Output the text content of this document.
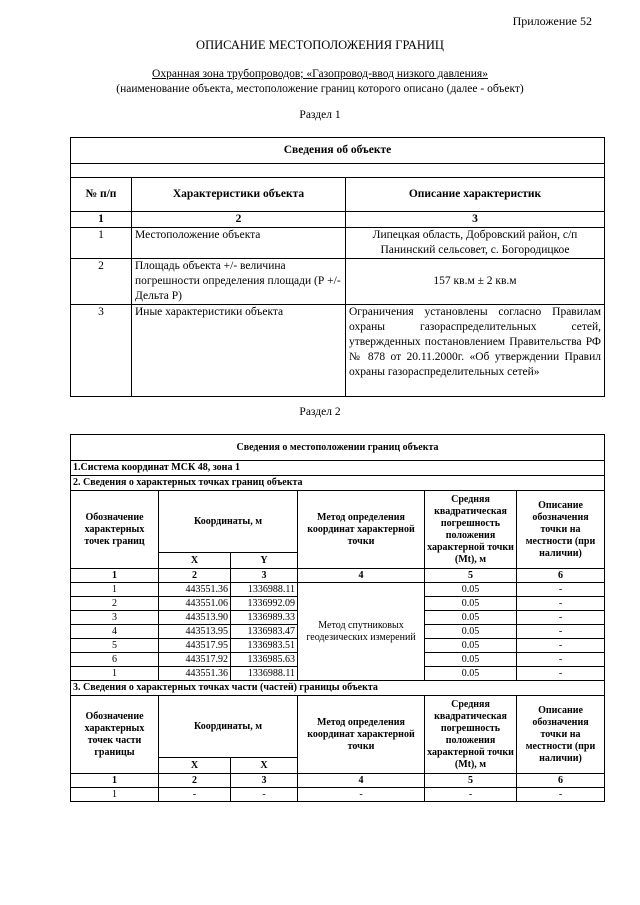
Приложение 52
ОПИСАНИЕ МЕСТОПОЛОЖЕНИЯ ГРАНИЦ
Охранная зона трубопроводов; «Газопровод-ввод низкого давления»
(наименование объекта, местоположение границ которого описано (далее - объект)
Раздел 1
Сведения об объекте		

№ п/п	Характеристики объекта	Описание характеристик
1	2	3
1	Местоположение объекта	Липецкая область, Добровский район, с/п Панинский сельсовет, с. Богородицкое
2	Площадь объекта +/- величина погрешности определения площади (Р +/- Дельта Р)	157 кв.м ± 2 кв.м
3	Иные характеристики объекта	Ограничения установлены согласно Правилам охраны газораспределительных сетей, утвержденных постановлением Правительства РФ № 878 от 20.11.2000г. «Об утверждении Правил охраны газораспределительных сетей»
Раздел 2
Сведения о местоположении границ объекта					
1.Система координат МСК 48, зона 1					
2. Сведения о характерных точках границ объекта					
Обозначение характерных точек границ	Координаты, м		Метод определения координат характерной точки	Средняя квадратическая погрешность положения характерной точки (Mt), м	Описание обозначения точки на местности (при наличии)
	X	Y			
1	2	3	4	5	6
1	443551.36	1336988.11	Метод спутниковых геодезических измерений	0.05	-
2	443551.06	1336992.09		0.05	-
3	443513.90	1336989.33		0.05	-
4	443513.95	1336983.47		0.05	-
5	443517.95	1336983.51		0.05	-
6	443517.92	1336985.63		0.05	-
1	443551.36	1336988.11		0.05	-
3. Сведения о характерных точках части (частей) границы объекта					
Обозначение характерных точек части границы	Координаты, м		Метод определения координат характерной точки	Средняя квадратическая погрешность положения характерной точки (Mt), м	Описание обозначения точки на местности (при наличии)
	X	X			
1	2	3	4	5	6
1	-	-	-	-	-
